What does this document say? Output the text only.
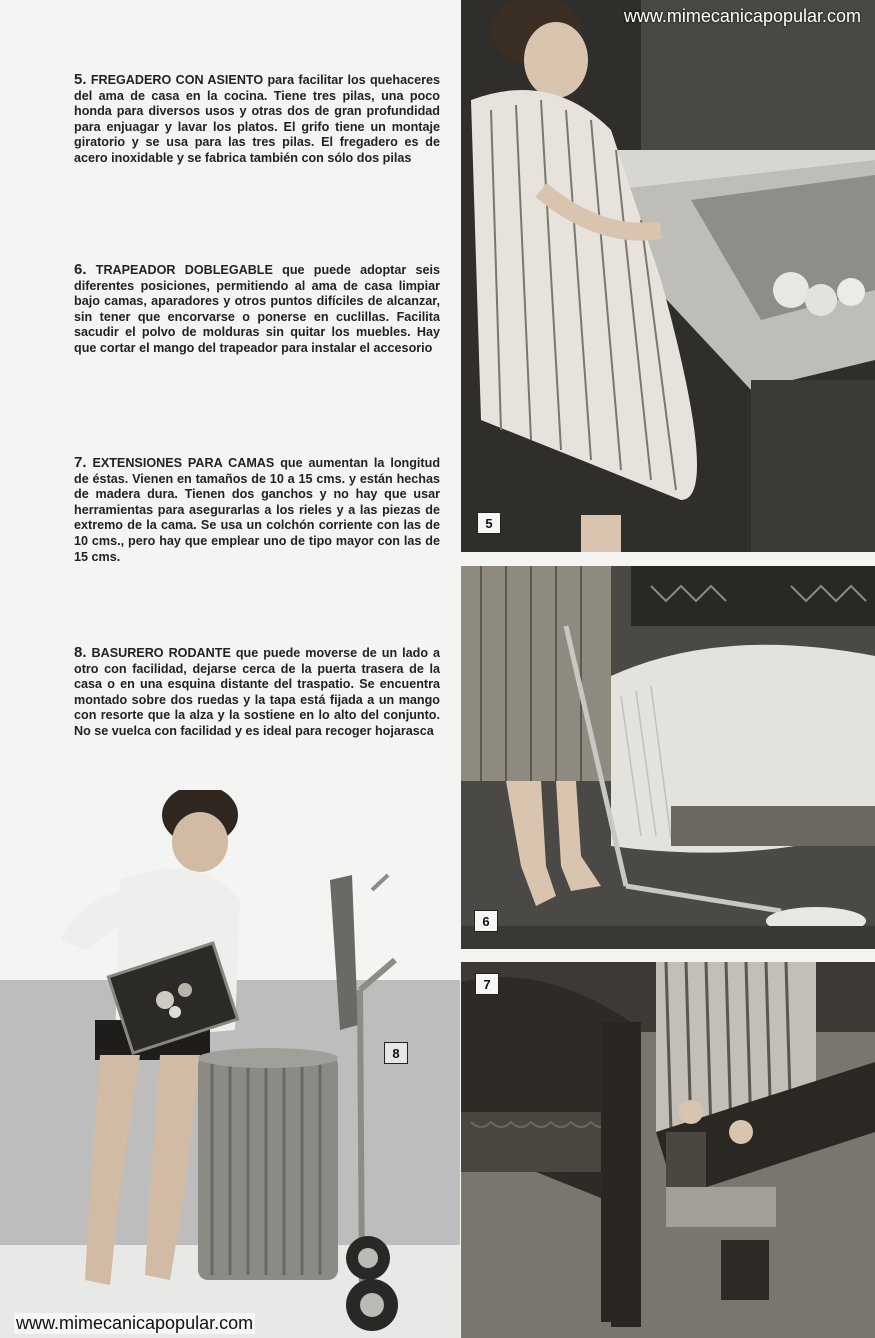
5. FREGADERO CON ASIENTO para facilitar los quehaceres del ama de casa en la cocina. Tiene tres pilas, una poco honda para diversos usos y otras dos de gran profundidad para enjuagar y lavar los platos. El grifo tiene un montaje giratorio y se usa para las tres pilas. El fregadero es de acero inoxidable y se fabrica también con sólo dos pilas
6. TRAPEADOR DOBLEGABLE que puede adoptar seis diferentes posiciones, permitiendo al ama de casa limpiar bajo camas, aparadores y otros puntos difíciles de alcanzar, sin tener que encorvarse o ponerse en cuclillas. Facilita sacudir el polvo de molduras sin quitar los muebles. Hay que cortar el mango del trapeador para instalar el accesorio
7. EXTENSIONES PARA CAMAS que aumentan la longitud de éstas. Vienen en tamaños de 10 a 15 cms. y están hechas de madera dura. Tienen dos ganchos y no hay que usar herramientas para asegurarlas a los rieles y a las piezas de extremo de la cama. Se usa un colchón corriente con las de 10 cms., pero hay que emplear uno de tipo mayor con las de 15 cms.
8. BASURERO RODANTE que puede moverse de un lado a otro con facilidad, dejarse cerca de la puerta trasera de la casa o en una esquina distante del traspatio. Se encuentra montado sobre dos ruedas y la tapa está fijada a un mango con resorte que la alza y la sostiene en lo alto del conjunto. No se vuelca con facilidad y es ideal para recoger hojarasca
5
6
7
8
www.mimecanicapopular.com
www.mimecanicapopular.com
